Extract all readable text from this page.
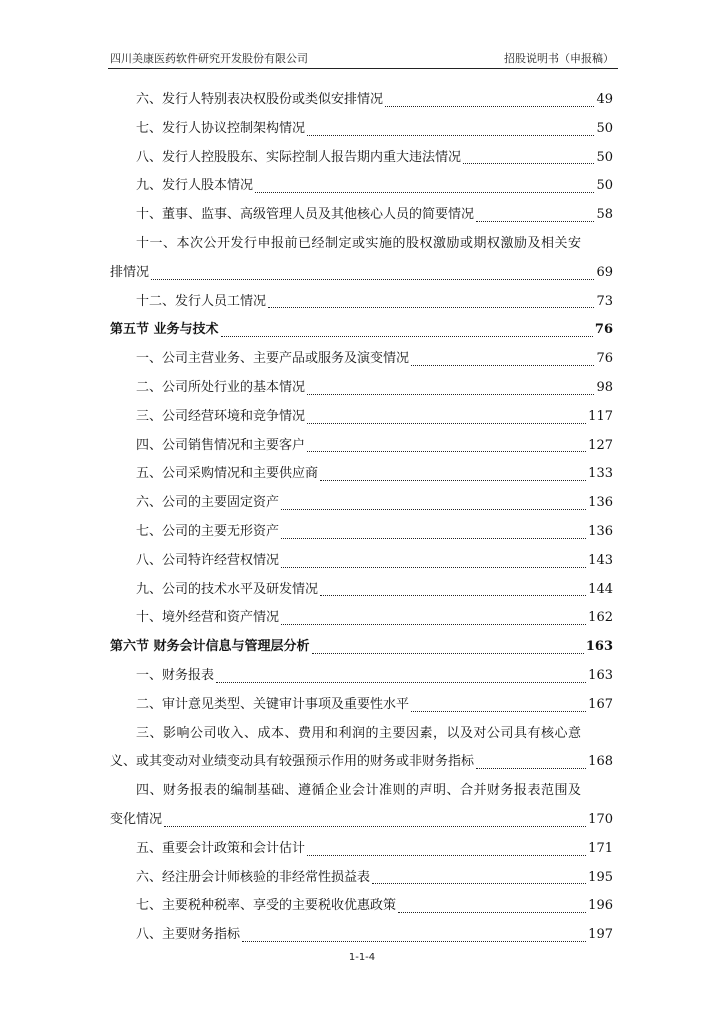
四川美康医药软件研究开发股份有限公司	招股说明书（申报稿）
六、发行人特别表决权股份或类似安排情况	49
七、发行人协议控制架构情况	50
八、发行人控股股东、实际控制人报告期内重大违法情况	50
九、发行人股本情况	50
十、董事、监事、高级管理人员及其他核心人员的简要情况	58
十一、本次公开发行申报前已经制定或实施的股权激励或期权激励及相关安
排情况	69
十二、发行人员工情况	73
第五节 业务与技术	76
一、公司主营业务、主要产品或服务及演变情况	76
二、公司所处行业的基本情况	98
三、公司经营环境和竞争情况	117
四、公司销售情况和主要客户	127
五、公司采购情况和主要供应商	133
六、公司的主要固定资产	136
七、公司的主要无形资产	136
八、公司特许经营权情况	143
九、公司的技术水平及研发情况	144
十、境外经营和资产情况	162
第六节 财务会计信息与管理层分析	163
一、财务报表	163
二、审计意见类型、关键审计事项及重要性水平	167
三、影响公司收入、成本、费用和利润的主要因素，以及对公司具有核心意
义、或其变动对业绩变动具有较强预示作用的财务或非财务指标	168
四、财务报表的编制基础、遵循企业会计准则的声明、合并财务报表范围及
变化情况	170
五、重要会计政策和会计估计	171
六、经注册会计师核验的非经常性损益表	195
七、主要税种税率、享受的主要税收优惠政策	196
八、主要财务指标	197
1-1-4
